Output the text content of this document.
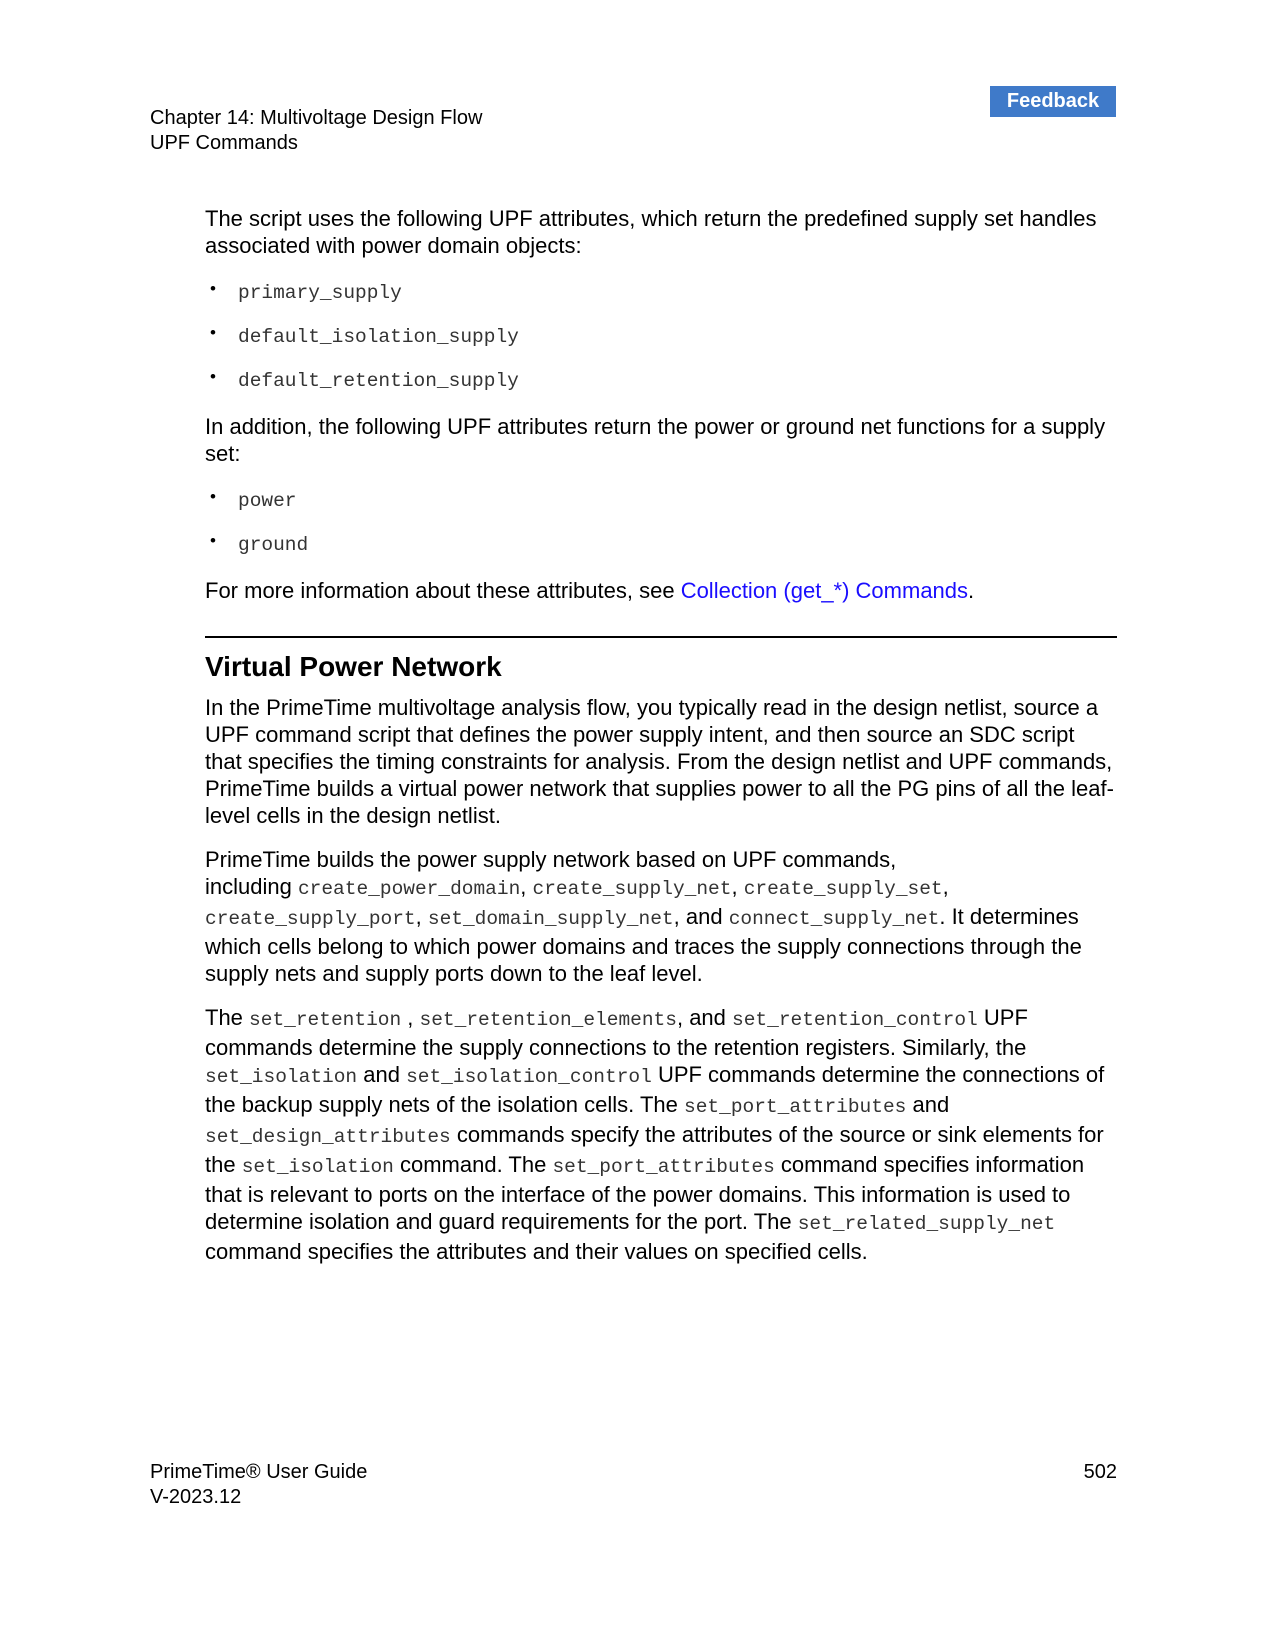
Chapter 14: Multivoltage Design Flow
UPF Commands
Feedback

The script uses the following UPF attributes, which return the predefined supply set handles associated with power domain objects:

• primary_supply
• default_isolation_supply
• default_retention_supply

In addition, the following UPF attributes return the power or ground net functions for a supply set:

• power
• ground

For more information about these attributes, see Collection (get_*) Commands.

Virtual Power Network

In the PrimeTime multivoltage analysis flow, you typically read in the design netlist, source a UPF command script that defines the power supply intent, and then source an SDC script that specifies the timing constraints for analysis. From the design netlist and UPF commands, PrimeTime builds a virtual power network that supplies power to all the PG pins of all the leaf-level cells in the design netlist.

PrimeTime builds the power supply network based on UPF commands,
including create_power_domain, create_supply_net, create_supply_set, create_supply_port, set_domain_supply_net, and connect_supply_net. It determines which cells belong to which power domains and traces the supply connections through the supply nets and supply ports down to the leaf level.

The set_retention , set_retention_elements, and set_retention_control UPF commands determine the supply connections to the retention registers. Similarly, the set_isolation and set_isolation_control UPF commands determine the connections of the backup supply nets of the isolation cells. The set_port_attributes and set_design_attributes commands specify the attributes of the source or sink elements for the set_isolation command. The set_port_attributes command specifies information that is relevant to ports on the interface of the power domains. This information is used to determine isolation and guard requirements for the port. The set_related_supply_net command specifies the attributes and their values on specified cells.

PrimeTime® User Guide
V-2023.12
502
